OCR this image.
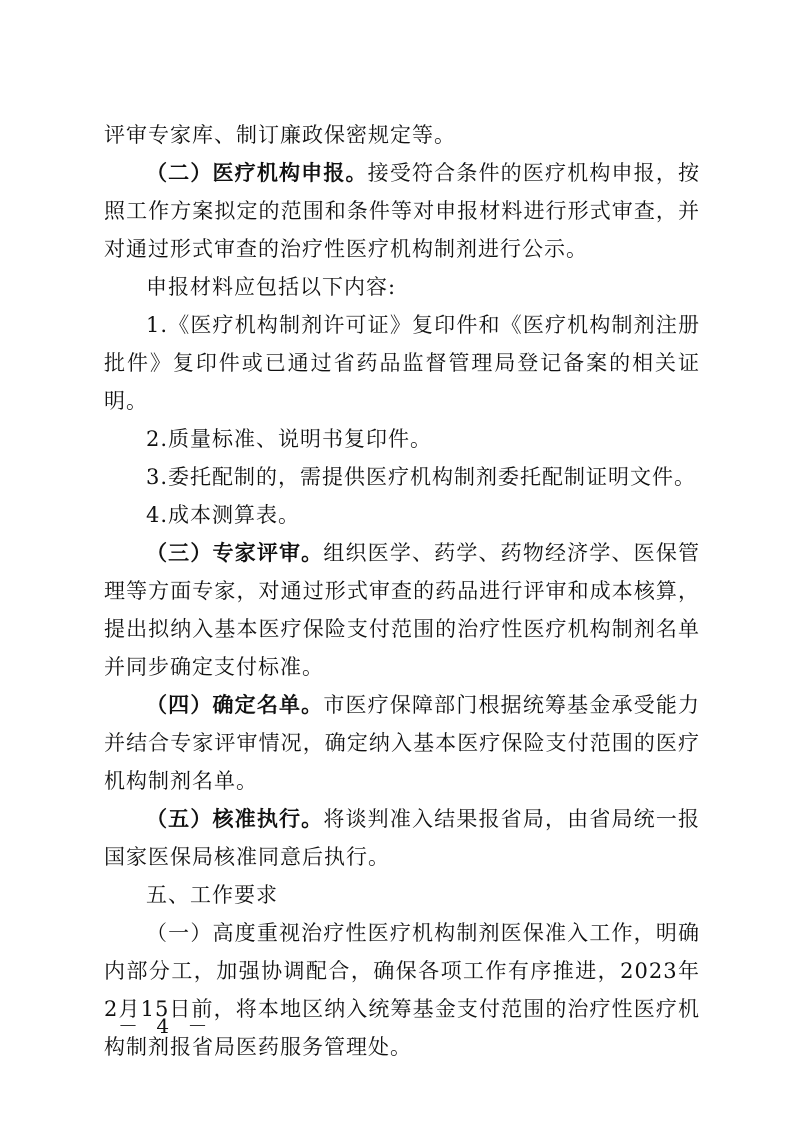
评审专家库、制订廉政保密规定等。

（二）医疗机构申报。接受符合条件的医疗机构申报，按照工作方案拟定的范围和条件等对申报材料进行形式审查，并对通过形式审查的治疗性医疗机构制剂进行公示。

申报材料应包括以下内容:

1.《医疗机构制剂许可证》复印件和《医疗机构制剂注册批件》复印件或已通过省药品监督管理局登记备案的相关证明。

2.质量标准、说明书复印件。

3.委托配制的，需提供医疗机构制剂委托配制证明文件。

4.成本测算表。

（三）专家评审。组织医学、药学、药物经济学、医保管理等方面专家，对通过形式审查的药品进行评审和成本核算，提出拟纳入基本医疗保险支付范围的治疗性医疗机构制剂名单并同步确定支付标准。

（四）确定名单。市医疗保障部门根据统筹基金承受能力并结合专家评审情况，确定纳入基本医疗保险支付范围的医疗机构制剂名单。

（五）核准执行。将谈判准入结果报省局，由省局统一报国家医保局核准同意后执行。

五、工作要求

（一）高度重视治疗性医疗机构制剂医保准入工作，明确内部分工，加强协调配合，确保各项工作有序推进，2023年2月15日前，将本地区纳入统筹基金支付范围的治疗性医疗机构制剂报省局医药服务管理处。

－ 4 －
